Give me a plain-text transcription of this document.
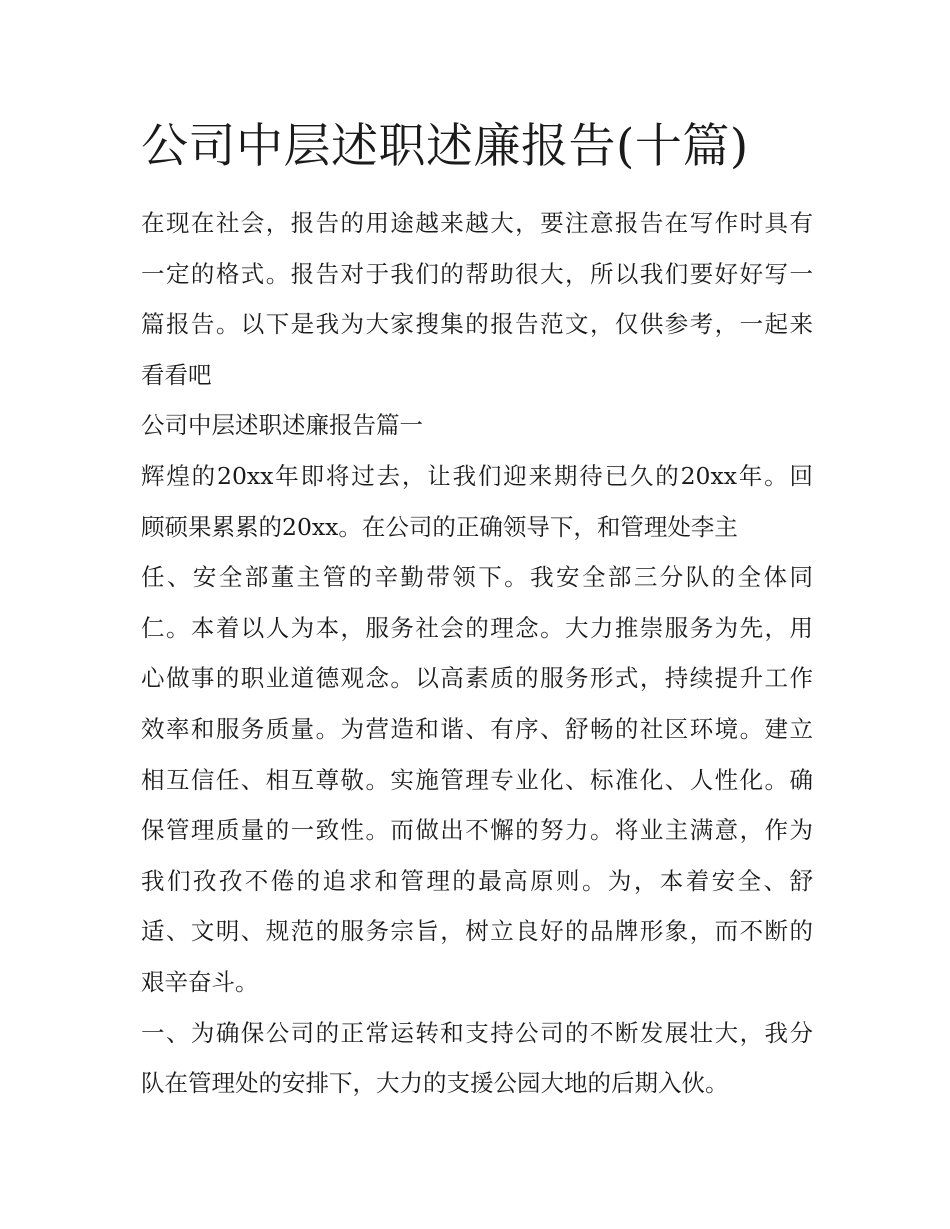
公司中层述职述廉报告(十篇)
在现在社会，报告的用途越来越大，要注意报告在写作时具有
一定的格式。报告对于我们的帮助很大，所以我们要好好写一
篇报告。以下是我为大家搜集的报告范文，仅供参考，一起来
看看吧
公司中层述职述廉报告篇一
辉煌的20xx年即将过去，让我们迎来期待已久的20xx年。回
顾硕果累累的20xx。在公司的正确领导下，和管理处李主
任、安全部董主管的辛勤带领下。我安全部三分队的全体同
仁。本着以人为本，服务社会的理念。大力推崇服务为先，用
心做事的职业道德观念。以高素质的服务形式，持续提升工作
效率和服务质量。为营造和谐、有序、舒畅的社区环境。建立
相互信任、相互尊敬。实施管理专业化、标准化、人性化。确
保管理质量的一致性。而做出不懈的努力。将业主满意，作为
我们孜孜不倦的追求和管理的最高原则。为，本着安全、舒
适、文明、规范的服务宗旨，树立良好的品牌形象，而不断的
艰辛奋斗。
一、为确保公司的正常运转和支持公司的不断发展壮大，我分
队在管理处的安排下，大力的支援公园大地的后期入伙。
